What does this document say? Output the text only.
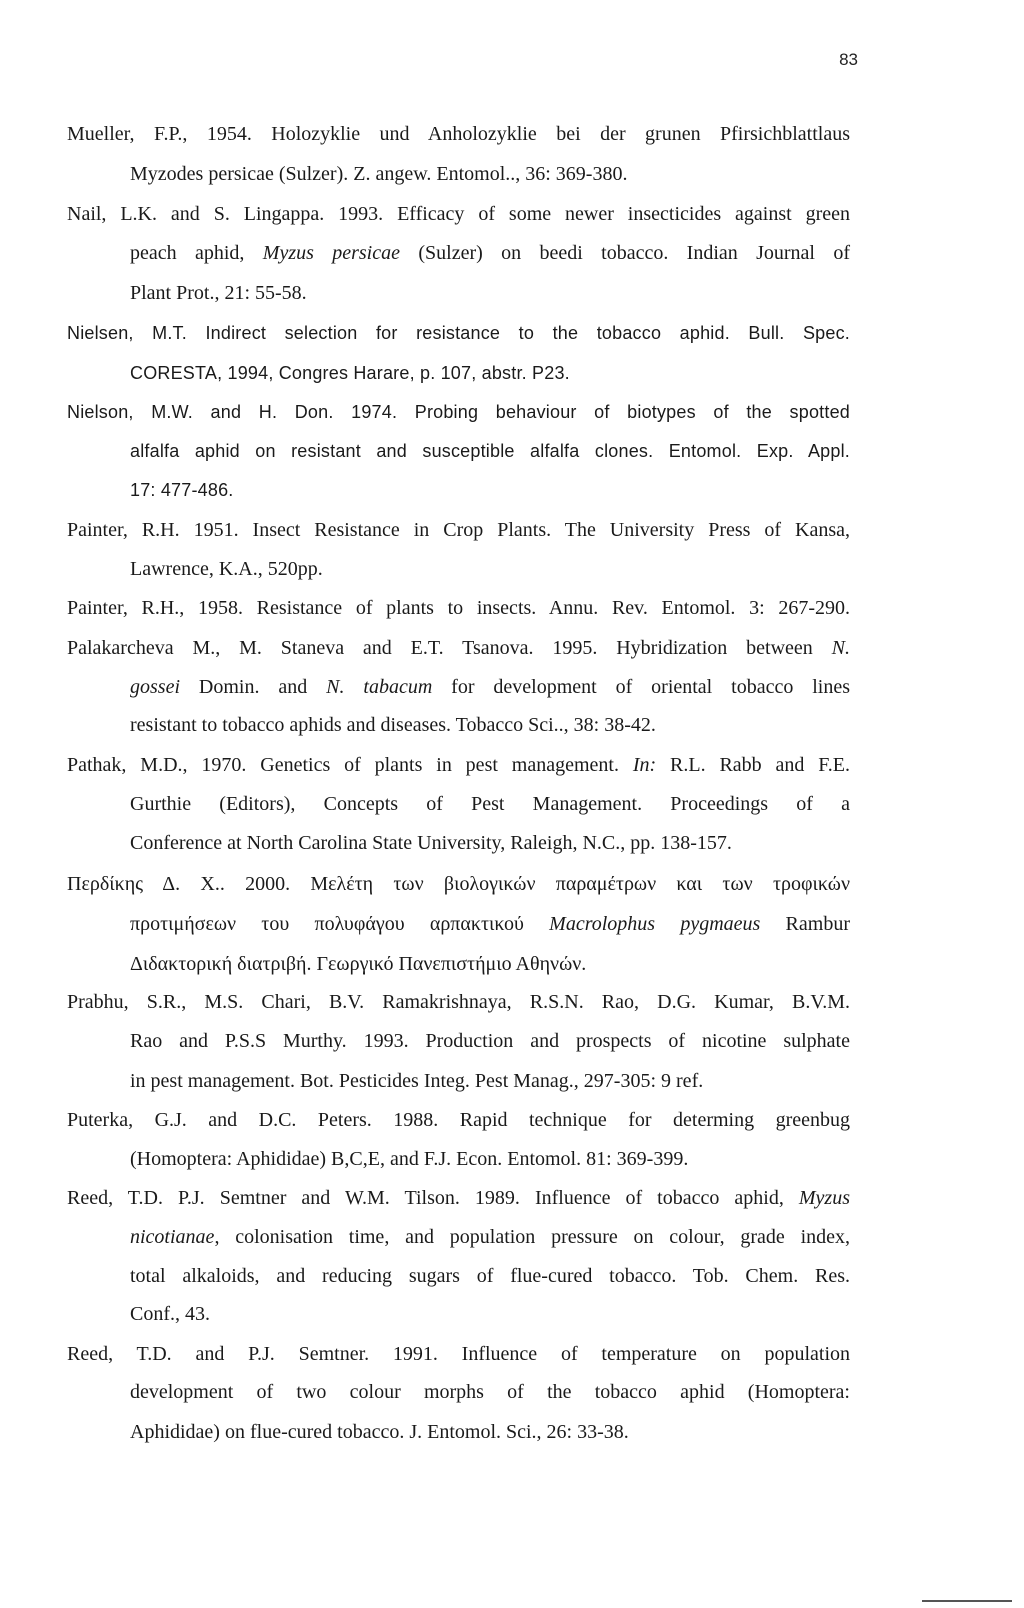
83
Mueller, F.P., 1954. Holozyklie und Anholozyklie bei der grunen Pfirsichblattlaus
Myzodes persicae (Sulzer). Z. angew. Entomol.., 36: 369-380.
Nail, L.K. and S. Lingappa. 1993. Efficacy of some newer insecticides against green
peach aphid, Myzus persicae (Sulzer) on beedi tobacco. Indian Journal of
Plant Prot., 21: 55-58.
Nielsen, M.T. Indirect selection for resistance to the tobacco aphid. Bull. Spec.
CORESTA, 1994, Congres Harare, p. 107, abstr. P23.
Nielson, M.W. and H. Don. 1974. Probing behaviour of biotypes of the spotted
alfalfa aphid on resistant and susceptible alfalfa clones. Entomol. Exp. Appl.
17: 477-486.
Painter, R.H. 1951. Insect Resistance in Crop Plants. The University Press of Kansa,
Lawrence, K.A., 520pp.
Painter, R.H., 1958. Resistance of plants to insects. Annu. Rev. Entomol. 3: 267-290.
Palakarcheva M., M. Staneva and E.T. Tsanova. 1995. Hybridization between N.
gossei Domin. and N. tabacum for development of oriental tobacco lines
resistant to tobacco aphids and diseases. Tobacco Sci.., 38: 38-42.
Pathak, M.D., 1970. Genetics of plants in pest management. In: R.L. Rabb and F.E.
Gurthie (Editors), Concepts of Pest Management. Proceedings of a
Conference at North Carolina State University, Raleigh, N.C., pp. 138-157.
Περδίκης Δ. Χ.. 2000. Μελέτη των βιολογικών παραμέτρων και των τροφικών
προτιμήσεων του πολυφάγου αρπακτικού Macrolophus pygmaeus Rambur
Διδακτορική διατριβή. Γεωργικό Πανεπιστήμιο Αθηνών.
Prabhu, S.R., M.S. Chari, B.V. Ramakrishnaya, R.S.N. Rao, D.G. Kumar, B.V.M.
Rao and P.S.S Murthy. 1993. Production and prospects of nicotine sulphate
in pest management. Bot. Pesticides Integ. Pest Manag., 297-305: 9 ref.
Puterka, G.J. and D.C. Peters. 1988. Rapid technique for determing greenbug
(Homoptera: Aphididae) B,C,E, and F.J. Econ. Entomol. 81: 369-399.
Reed, T.D. P.J. Semtner and W.M. Tilson. 1989. Influence of tobacco aphid, Myzus
nicotianae, colonisation time, and population pressure on colour, grade index,
total alkaloids, and reducing sugars of flue-cured tobacco. Tob. Chem. Res.
Conf., 43.
Reed, T.D. and P.J. Semtner. 1991. Influence of temperature on population
development of two colour morphs of the tobacco aphid (Homoptera:
Aphididae) on flue-cured tobacco. J. Entomol. Sci., 26: 33-38.
